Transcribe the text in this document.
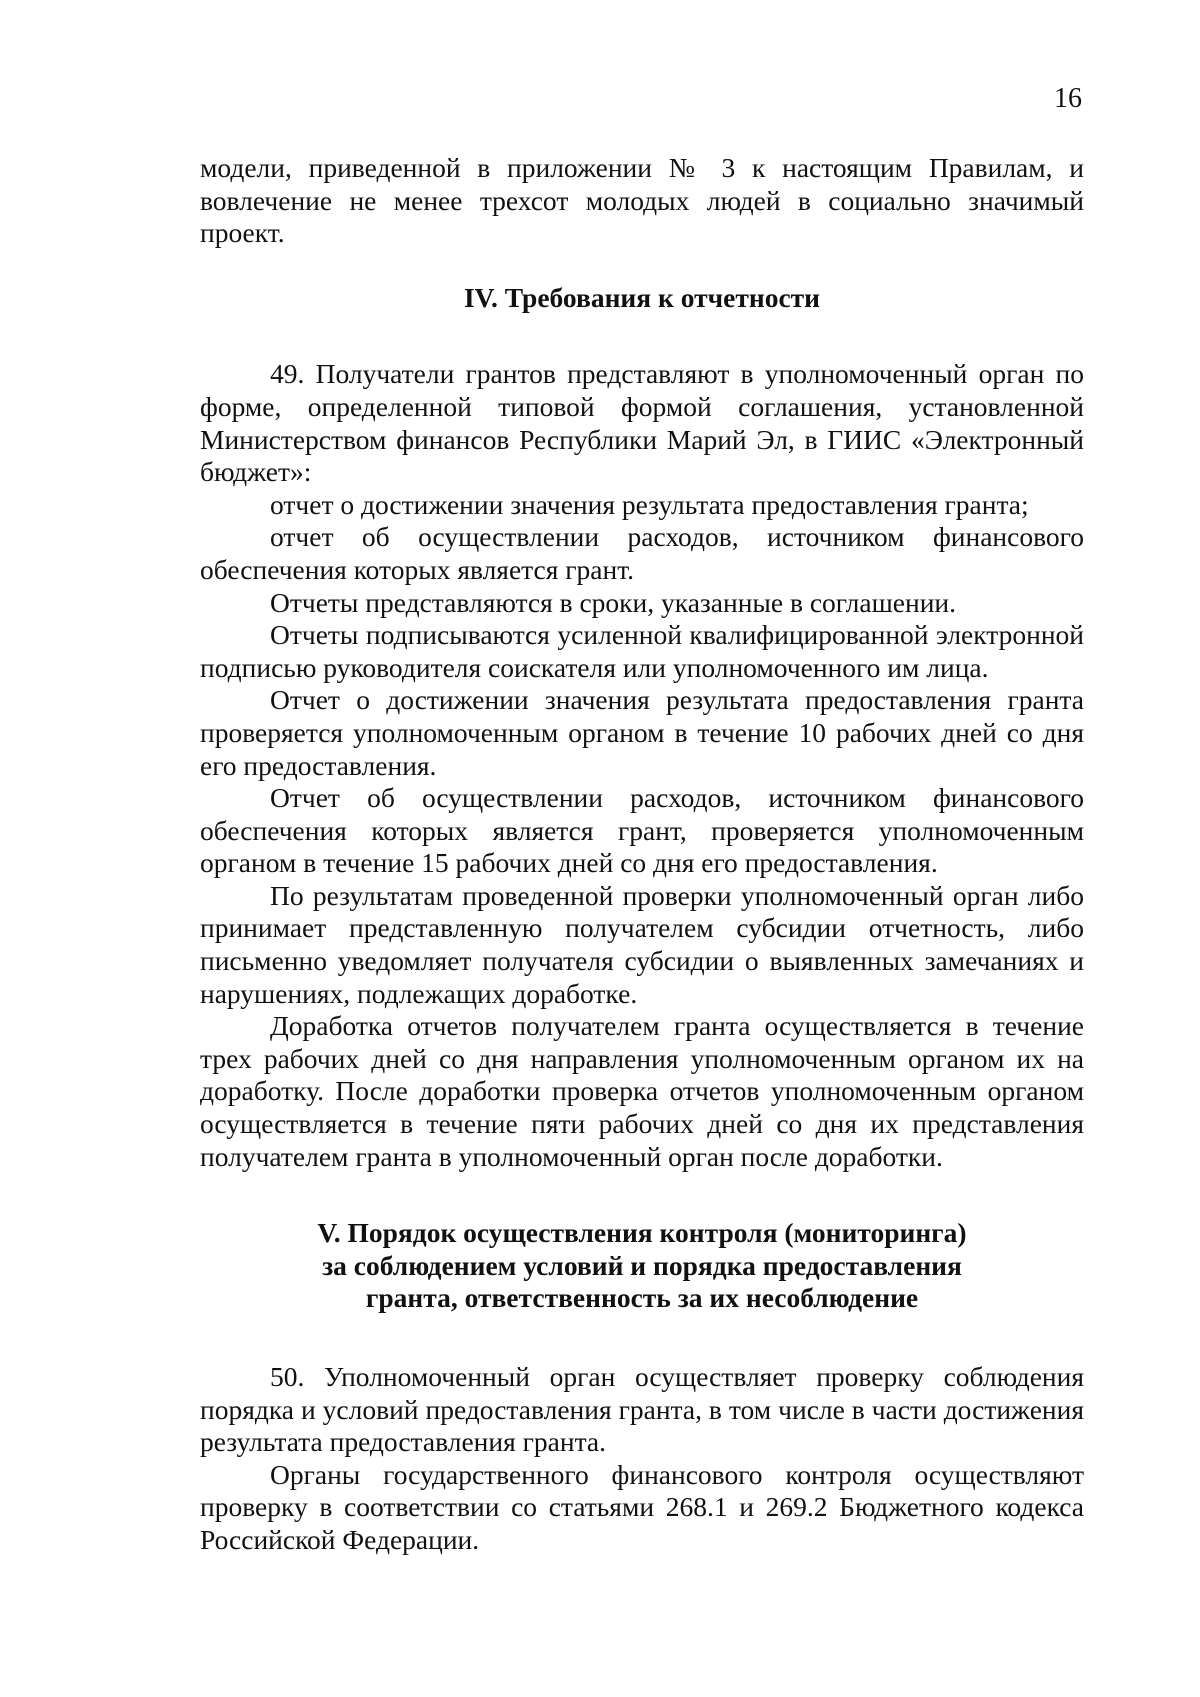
16

модели, приведенной в приложении № 3 к настоящим Правилам, и вовлечение не менее трехсот молодых людей в социально значимый проект.

IV. Требования к отчетности

49. Получатели грантов представляют в уполномоченный орган по форме, определенной типовой формой соглашения, установленной Министерством финансов Республики Марий Эл, в ГИИС «Электронный бюджет»:

отчет о достижении значения результата предоставления гранта;

отчет об осуществлении расходов, источником финансового обеспечения которых является грант.

Отчеты представляются в сроки, указанные в соглашении.

Отчеты подписываются усиленной квалифицированной электронной подписью руководителя соискателя или уполномоченного им лица.

Отчет о достижении значения результата предоставления гранта проверяется уполномоченным органом в течение 10 рабочих дней со дня его предоставления.

Отчет об осуществлении расходов, источником финансового обеспечения которых является грант, проверяется уполномоченным органом в течение 15 рабочих дней со дня его предоставления.

По результатам проведенной проверки уполномоченный орган либо принимает представленную получателем субсидии отчетность, либо письменно уведомляет получателя субсидии о выявленных замечаниях и нарушениях, подлежащих доработке.

Доработка отчетов получателем гранта осуществляется в течение трех рабочих дней со дня направления уполномоченным органом их на доработку. После доработки проверка отчетов уполномоченным органом осуществляется в течение пяти рабочих дней со дня их представления получателем гранта в уполномоченный орган после доработки.

V. Порядок осуществления контроля (мониторинга)
за соблюдением условий и порядка предоставления
гранта, ответственность за их несоблюдение

50. Уполномоченный орган осуществляет проверку соблюдения порядка и условий предоставления гранта, в том числе в части достижения результата предоставления гранта.

Органы государственного финансового контроля осуществляют проверку в соответствии со статьями 268.1 и 269.2 Бюджетного кодекса Российской Федерации.
